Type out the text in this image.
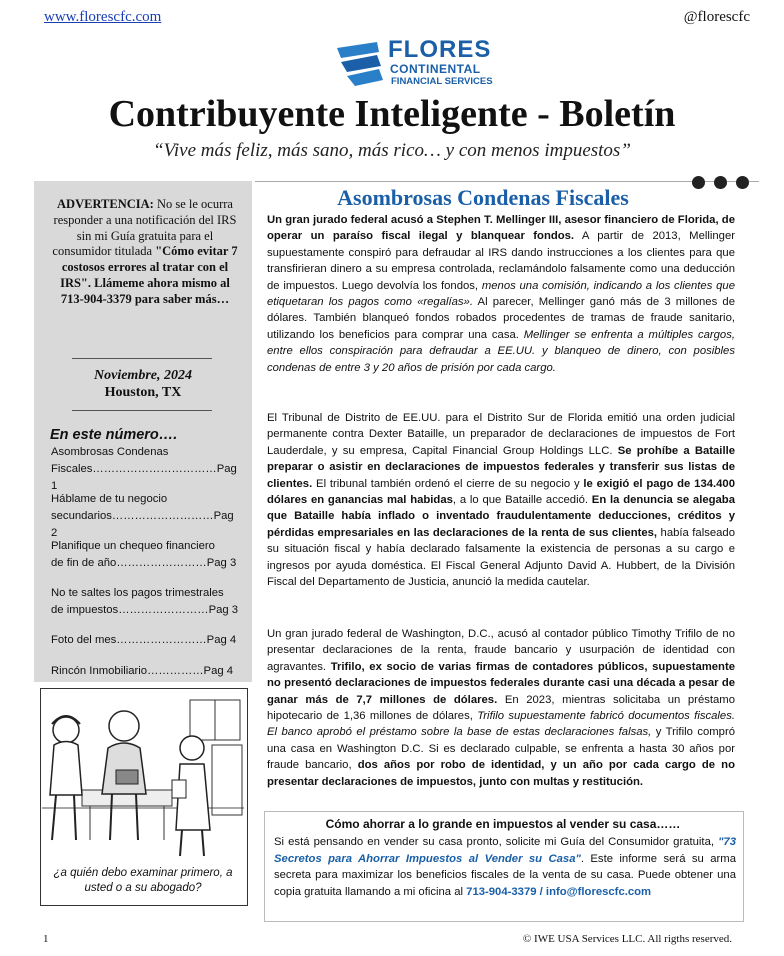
www.florescfc.com	@florescfc
FLORES
CONTINENTAL
FINANCIAL SERVICES
Contribuyente Inteligente - Boletín
“Vive más feliz, más sano, más rico… y con menos impuestos”
ADVERTENCIA: No se le ocurra responder a una notificación del IRS sin mi Guía gratuita para el consumidor titulada "Cómo evitar 7 costosos errores al tratar con el IRS". Llámeme ahora mismo al 713-904-3379 para saber más…
Noviembre, 2024
Houston, TX
En este número….
Asombrosas Condenas
Fiscales……………………………Pag 1
Háblame de tu negocio
secundarios………………………Pag 2
Planifique un chequeo financiero
de fin de año……………………Pag 3
No te saltes los pagos trimestrales
de impuestos……………………Pag 3
Foto del mes……………………Pag 4
Rincón Inmobiliario……………Pag 4
¿a quién debo examinar primero, a usted o a su abogado?
Asombrosas Condenas Fiscales
Un gran jurado federal acusó a Stephen T. Mellinger III, asesor financiero de Florida, de operar un paraíso fiscal ilegal y blanquear fondos. A partir de 2013, Mellinger supuestamente conspiró para defraudar al IRS dando instrucciones a los clientes para que transfirieran dinero a su empresa controlada, reclamándolo falsamente como una deducción de impuestos. Luego devolvía los fondos, menos una comisión, indicando a los clientes que etiquetaran los pagos como «regalías». Al parecer, Mellinger ganó más de 3 millones de dólares. También blanqueó fondos robados procedentes de tramas de fraude sanitario, utilizando los beneficios para comprar una casa. Mellinger se enfrenta a múltiples cargos, entre ellos conspiración para defraudar a EE.UU. y blanqueo de dinero, con posibles condenas de entre 3 y 20 años de prisión por cada cargo.
El Tribunal de Distrito de EE.UU. para el Distrito Sur de Florida emitió una orden judicial permanente contra Dexter Bataille, un preparador de declaraciones de impuestos de Fort Lauderdale, y su empresa, Capital Financial Group Holdings LLC. Se prohíbe a Bataille preparar o asistir en declaraciones de impuestos federales y transferir sus listas de clientes. El tribunal también ordenó el cierre de su negocio y le exigió el pago de 134.400 dólares en ganancias mal habidas, a lo que Bataille accedió. En la denuncia se alegaba que Bataille había inflado o inventado fraudulentamente deducciones, créditos y pérdidas empresariales en las declaraciones de la renta de sus clientes, había falseado su situación fiscal y había declarado falsamente la existencia de personas a su cargo e ingresos por ayuda doméstica. El Fiscal General Adjunto David A. Hubbert, de la División Fiscal del Departamento de Justicia, anunció la medida cautelar.
Un gran jurado federal de Washington, D.C., acusó al contador público Timothy Trifilo de no presentar declaraciones de la renta, fraude bancario y usurpación de identidad con agravantes. Trifilo, ex socio de varias firmas de contadores públicos, supuestamente no presentó declaraciones de impuestos federales durante casi una década a pesar de ganar más de 7,7 millones de dólares. En 2023, mientras solicitaba un préstamo hipotecario de 1,36 millones de dólares, Trifilo supuestamente fabricó documentos fiscales. El banco aprobó el préstamo sobre la base de estas declaraciones falsas, y Trifilo compró una casa en Washington D.C. Si es declarado culpable, se enfrenta a hasta 30 años por fraude bancario, dos años por robo de identidad, y un año por cada cargo de no presentar declaraciones de impuestos, junto con multas y restitución.
Cómo ahorrar a lo grande en impuestos al vender su casa……
Si está pensando en vender su casa pronto, solicite mi Guía del Consumidor gratuita, "73 Secretos para Ahorrar Impuestos al Vender su Casa". Este informe será su arma secreta para maximizar los beneficios fiscales de la venta de su casa. Puede obtener una copia gratuita llamando a mi oficina al 713-904-3379 / info@florescfc.com
1	© IWE USA Services LLC. All rigths reserved.
